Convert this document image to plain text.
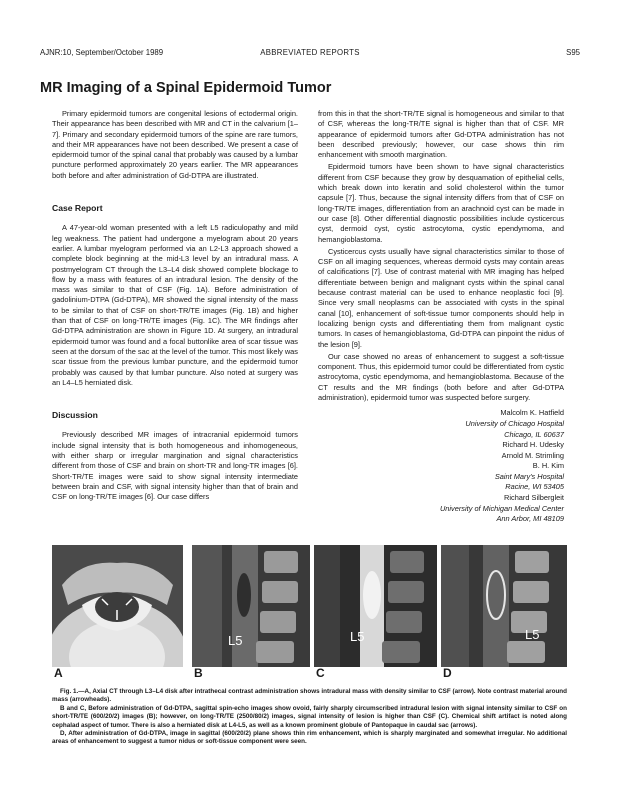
AJNR:10, September/October 1989	ABBREVIATED REPORTS	S95
MR Imaging of a Spinal Epidermoid Tumor

Primary epidermoid tumors are congenital lesions of ectodermal origin. Their appearance has been described with MR and CT in the calvarium [1–7]. Primary and secondary epidermoid tumors of the spine are rare tumors, and their MR appearances have not been described. We present a case of epidermoid tumor of the spinal canal that probably was caused by a lumbar puncture performed approximately 20 years earlier. The MR appearances both before and after administration of Gd-DTPA are illustrated.

Case Report

A 47-year-old woman presented with a left L5 radiculopathy and mild leg weakness. The patient had undergone a myelogram about 20 years earlier. A lumbar myelogram performed via an L2-L3 approach showed a complete block beginning at the mid-L3 level by an intradural mass. A postmyelogram CT through the L3–L4 disk showed complete blockage to flow by a mass with features of an intradural lesion. The density of the mass was similar to that of CSF (Fig. 1A). Before administration of gadolinium-DTPA (Gd-DTPA), MR showed the signal intensity of the mass to be similar to that of CSF on short-TR/TE images (Fig. 1B) and higher than that of CSF on long-TR/TE images (Fig. 1C). The MR findings after Gd-DTPA administration are shown in Figure 1D. At surgery, an intradural epidermoid tumor was found and a focal buttonlike area of scar tissue was seen at the dorsum of the sac at the level of the tumor. This most likely was scar tissue from the previous lumbar puncture, and the epidermoid tumor probably was caused by that lumbar puncture. Also noted at surgery was an L4–L5 herniated disk.

Discussion

Previously described MR images of intracranial epidermoid tumors include signal intensity that is both homogeneous and inhomogeneous, with either sharp or irregular margination and signal characteristics different from those of CSF and brain on short-TR and long-TR images [6]. Short-TR/TE images were said to show signal intensity intermediate between brain and CSF, with signal intensity higher than that of brain and CSF on long-TR/TE images [6]. Our case differs

from this in that the short-TR/TE signal is homogeneous and similar to that of CSF, whereas the long-TR/TE signal is higher than that of CSF. MR appearance of epidermoid tumors after Gd-DTPA administration has not been described previously; however, our case shows thin rim enhancement with smooth margination.

Epidermoid tumors have been shown to have signal characteristics different from CSF because they grow by desquamation of epithelial cells, which break down into keratin and solid cholesterol within the tumor capsule [7]. Thus, because the signal intensity differs from that of CSF on long-TR/TE images, differentiation from an arachnoid cyst can be made in our case [8]. Other differential diagnostic possibilities include cysticercus cyst, dermoid cyst, cystic astrocytoma, cystic ependymoma, and hemangioblastoma.

Cysticercus cysts usually have signal characteristics similar to those of CSF on all imaging sequences, whereas dermoid cysts may contain areas of calcifications [7]. Use of contrast material with MR imaging has helped differentiate between benign and malignant cysts within the spinal canal because contrast material can be used to enhance neoplastic foci [9]. Since very small neoplasms can be associated with cysts in the spinal canal [10], enhancement of soft-tissue tumor components should help in localizing benign cysts and differentiating them from malignant cystic tumors. In cases of hemangioblastoma, Gd-DTPA can pinpoint the nidus of the lesion [9].

Our case showed no areas of enhancement to suggest a soft-tissue component. Thus, this epidermoid tumor could be differentiated from cystic astrocytoma, cystic ependymoma, and hemangioblastoma. Because of the CT results and the MR findings (both before and after Gd-DTPA administration), epidermoid tumor was suspected before surgery.

Malcolm K. Hatfield
University of Chicago Hospital
Chicago, IL 60637
Richard H. Udesky
Arnold M. Strimling
B. H. Kim
Saint Mary's Hospital
Racine, WI 53405
Richard Silbergleit
University of Michigan Medical Center
Ann Arbor, MI 48109
L5	L5	L5
A	B	C	D

Fig. 1.—A, Axial CT through L3–L4 disk after intrathecal contrast administration shows intradural mass with density similar to CSF (arrow). Note contrast material around mass (arrowheads).

B and C, Before administration of Gd-DTPA, sagittal spin-echo images show ovoid, fairly sharply circumscribed intradural lesion with signal intensity similar to CSF on short-TR/TE (600/20/2) images (B); however, on long-TR/TE (2500/80/2) images, signal intensity of lesion is higher than CSF (C). Chemical shift artifact is noted along cephalad aspect of tumor. There is also a herniated disk at L4-L5, as well as a known prominent globule of Pantopaque in caudal sac (arrows).

D, After administration of Gd-DTPA, image in sagittal (600/20/2) plane shows thin rim enhancement, which is sharply marginated and somewhat irregular. No additional areas of enhancement to suggest a tumor nidus or soft-tissue component were seen.
